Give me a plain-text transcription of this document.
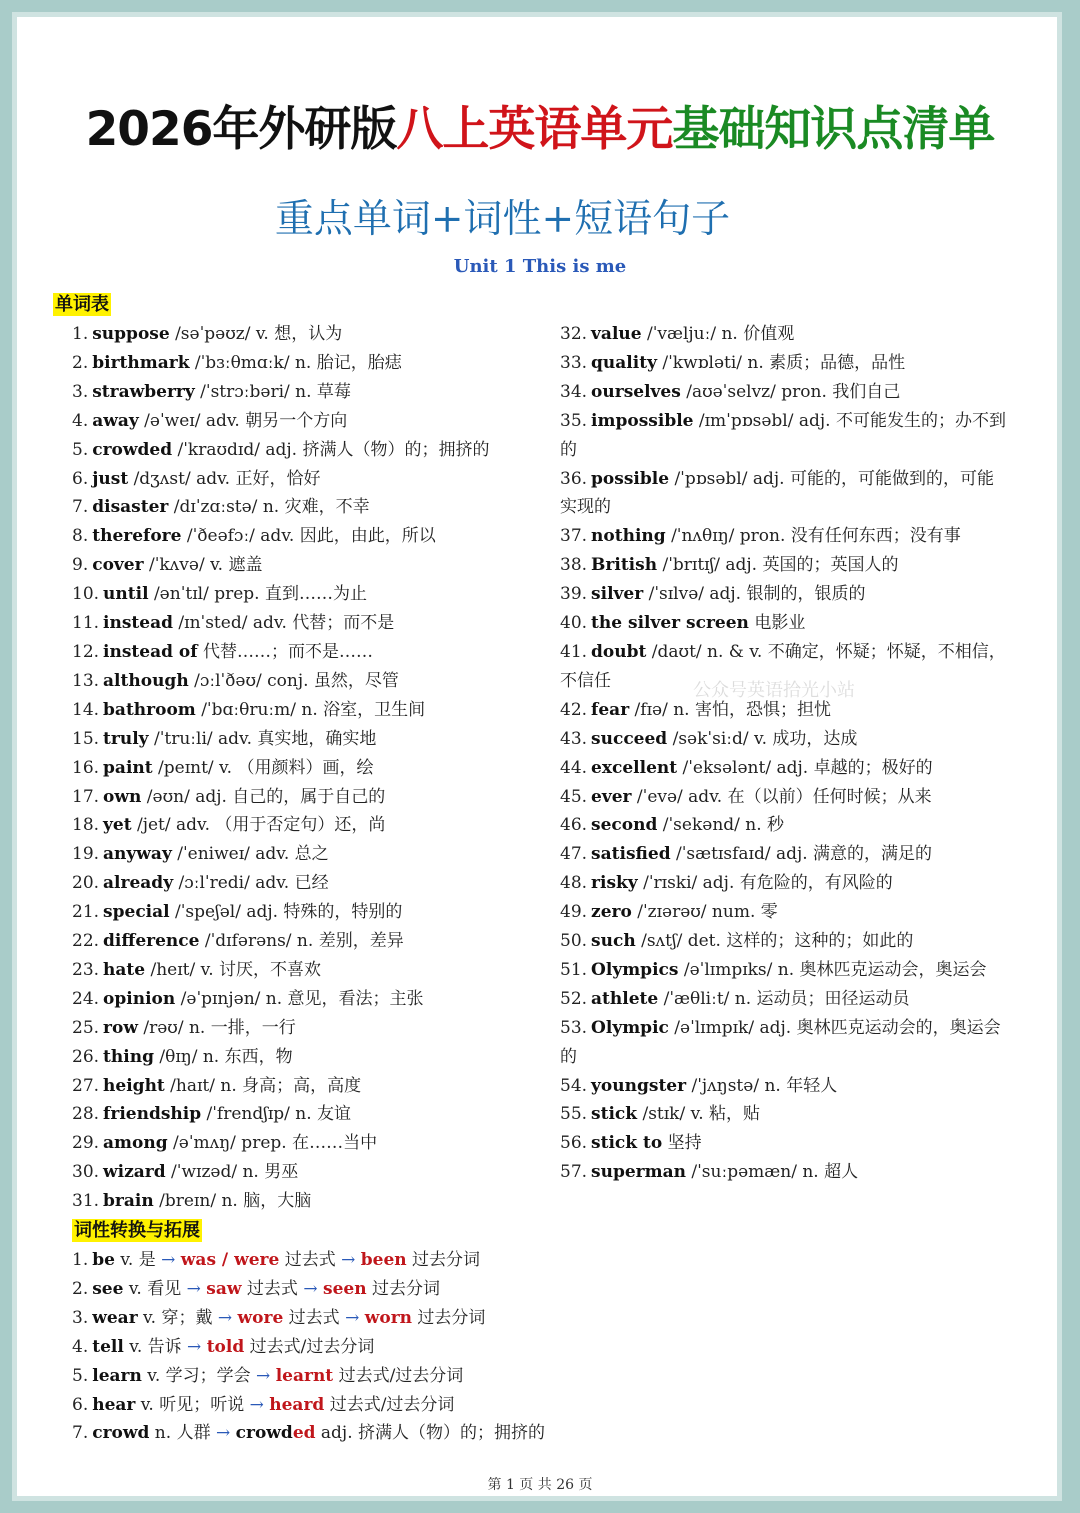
2026年外研版八上英语单元基础知识点清单
重点单词+词性+短语句子
Unit 1 This is me
单词表
1. suppose /səˈpəʊz/ v. 想，认为
2. birthmark /ˈbɜːθmɑːk/ n. 胎记，胎痣
3. strawberry /ˈstrɔːbəri/ n. 草莓
4. away /əˈweɪ/ adv. 朝另一个方向
5. crowded /ˈkraʊdɪd/ adj. 挤满人（物）的；拥挤的
6. just /dʒʌst/ adv. 正好，恰好
7. disaster /dɪˈzɑːstə/ n. 灾难，不幸
8. therefore /ˈðeəfɔː/ adv. 因此，由此，所以
9. cover /ˈkʌvə/ v. 遮盖
10. until /ənˈtɪl/ prep. 直到……为止
11. instead /ɪnˈsted/ adv. 代替；而不是
12. instead of 代替……；而不是……
13. although /ɔːlˈðəʊ/ conj. 虽然，尽管
14. bathroom /ˈbɑːθruːm/ n. 浴室，卫生间
15. truly /ˈtruːli/ adv. 真实地，确实地
16. paint /peɪnt/ v. （用颜料）画，绘
17. own /əʊn/ adj. 自己的，属于自己的
18. yet /jet/ adv. （用于否定句）还，尚
19. anyway /ˈeniweɪ/ adv. 总之
20. already /ɔːlˈredi/ adv. 已经
21. special /ˈspeʃəl/ adj. 特殊的，特别的
22. difference /ˈdɪfərəns/ n. 差别，差异
23. hate /heɪt/ v. 讨厌，不喜欢
24. opinion /əˈpɪnjən/ n. 意见，看法；主张
25. row /rəʊ/ n. 一排，一行
26. thing /θɪŋ/ n. 东西，物
27. height /haɪt/ n. 身高；高，高度
28. friendship /ˈfrendʃɪp/ n. 友谊
29. among /əˈmʌŋ/ prep. 在……当中
30. wizard /ˈwɪzəd/ n. 男巫
31. brain /breɪn/ n. 脑，大脑
32. value /ˈvæljuː/ n. 价值观
33. quality /ˈkwɒləti/ n. 素质；品德，品性
34. ourselves /aʊəˈselvz/ pron. 我们自己
35. impossible /ɪmˈpɒsəbl/ adj. 不可能发生的；办不到的
36. possible /ˈpɒsəbl/ adj. 可能的，可能做到的，可能实现的
37. nothing /ˈnʌθɪŋ/ pron. 没有任何东西；没有事
38. British /ˈbrɪtɪʃ/ adj. 英国的；英国人的
39. silver /ˈsɪlvə/ adj. 银制的，银质的
40. the silver screen 电影业
41. doubt /daʊt/ n. & v. 不确定，怀疑；怀疑，不相信，不信任
42. fear /fɪə/ n. 害怕，恐惧；担忧
43. succeed /səkˈsiːd/ v. 成功，达成
44. excellent /ˈeksələnt/ adj. 卓越的；极好的
45. ever /ˈevə/ adv. 在（以前）任何时候；从来
46. second /ˈsekənd/ n. 秒
47. satisfied /ˈsætɪsfaɪd/ adj. 满意的，满足的
48. risky /ˈrɪski/ adj. 有危险的，有风险的
49. zero /ˈzɪərəʊ/ num. 零
50. such /sʌtʃ/ det. 这样的；这种的；如此的
51. Olympics /əˈlɪmpɪks/ n. 奥林匹克运动会，奥运会
52. athlete /ˈæθliːt/ n. 运动员；田径运动员
53. Olympic /əˈlɪmpɪk/ adj. 奥林匹克运动会的，奥运会的
54. youngster /ˈjʌŋstə/ n. 年轻人
55. stick /stɪk/ v. 粘，贴
56. stick to 坚持
57. superman /ˈsuːpəmæn/ n. 超人
公众号英语拾光小站
词性转换与拓展
1. be v. 是 → was / were 过去式 → been 过去分词
2. see v. 看见 → saw 过去式 → seen 过去分词
3. wear v. 穿；戴 → wore 过去式 → worn 过去分词
4. tell v. 告诉 → told 过去式/过去分词
5. learn v. 学习；学会 → learnt 过去式/过去分词
6. hear v. 听见；听说 → heard 过去式/过去分词
7. crowd n. 人群 → crowded adj. 挤满人（物）的；拥挤的
第 1 页 共 26 页
